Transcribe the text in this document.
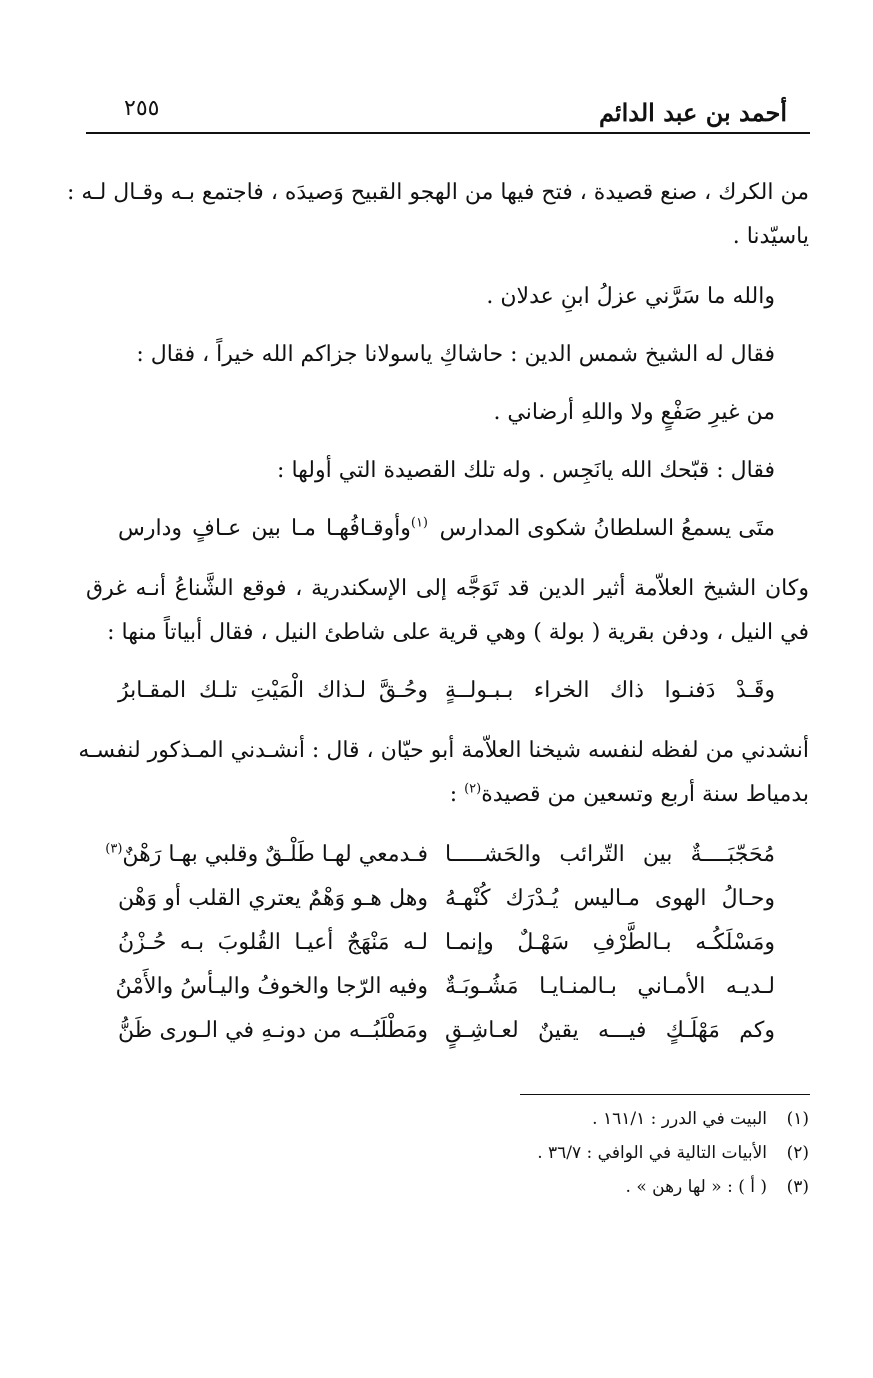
أحمد بن عبد الدائم
٢٥٥
من الكرك ، صنع قصيدة ، فتح فيها من الهجو القبيح وَصيدَه ، فاجتمع بـه وقـال لـه :
ياسيّدنا .
والله ما سَرَّني عزلُ ابنِ عدلان .
فقال له الشيخ شمس الدين : حاشاكِ ياسولانا جزاكم الله خيراً ، فقال :
من غيرِ صَفْعٍ ولا واللهِ أرضاني .
فقال : قبّحك الله يانَجِس . وله تلك القصيدة التي أولها :
متَى يسمعُ السلطانُ شكوى المدارس
$^{(١)}$وأوقـافُهـا مـا بين عـافٍ ودارس
وكان الشيخ العلاّمة أثير الدين قد تَوَجَّه إلى الإسكندرية ، فوقع الشَّناعُ أنـه غرق
في النيل ، ودفن بقرية ( بولة ) وهي قرية على شاطئ النيل ، فقال أبياتاً منها :
وقَـدْ دَفنـوا ذاك الخراء بـبـولــةٍ
وحُـقَّ لـذاك الْمَيْتِ تلـك المقـابرُ
أنشدني من لفظه لنفسه شيخنا العلاّمة أبو حيّان ، قال : أنشـدني المـذكور لنفسـه
بدمياط سنة أربع وتسعين من قصيدة$^{(٢)}$ :
مُحَجّبَــــةٌ بين التّرائب والحَشـــــا
فـدمعي لهـا طَلْـقٌ وقلبي بهـا رَهْنٌ$^{(٣)}$
وحـالُ الهوى مـاليس يُـدْرَك كُنْهـهُ
وهل هـو وَهْمٌ يعتري القلب أو وَهْن
ومَسْلَكُـه بـالطَّرْفِ سَهْـلٌ وإنمـا
لـه مَنْهَجٌ أعيـا القُلوبَ بـه حُـزْنُ
لـديـه الأمـاني بـالمنـايـا مَشُـوبَـةٌ
وفيه الرّجا والخوفُ واليـأسُ والأَمْنُ
وكم مَهْلَـكٍ فيـــه يقينٌ لعـاشِـقٍ
ومَطْلَبُــه من دونـهِ في الـورى ظَنُّ
(١)البيت في الدرر : ١٦١/١ .
(٢)الأبيات التالية في الوافي : ٣٦/٧ .
(٣)( أ ) : « لها رهن » .
